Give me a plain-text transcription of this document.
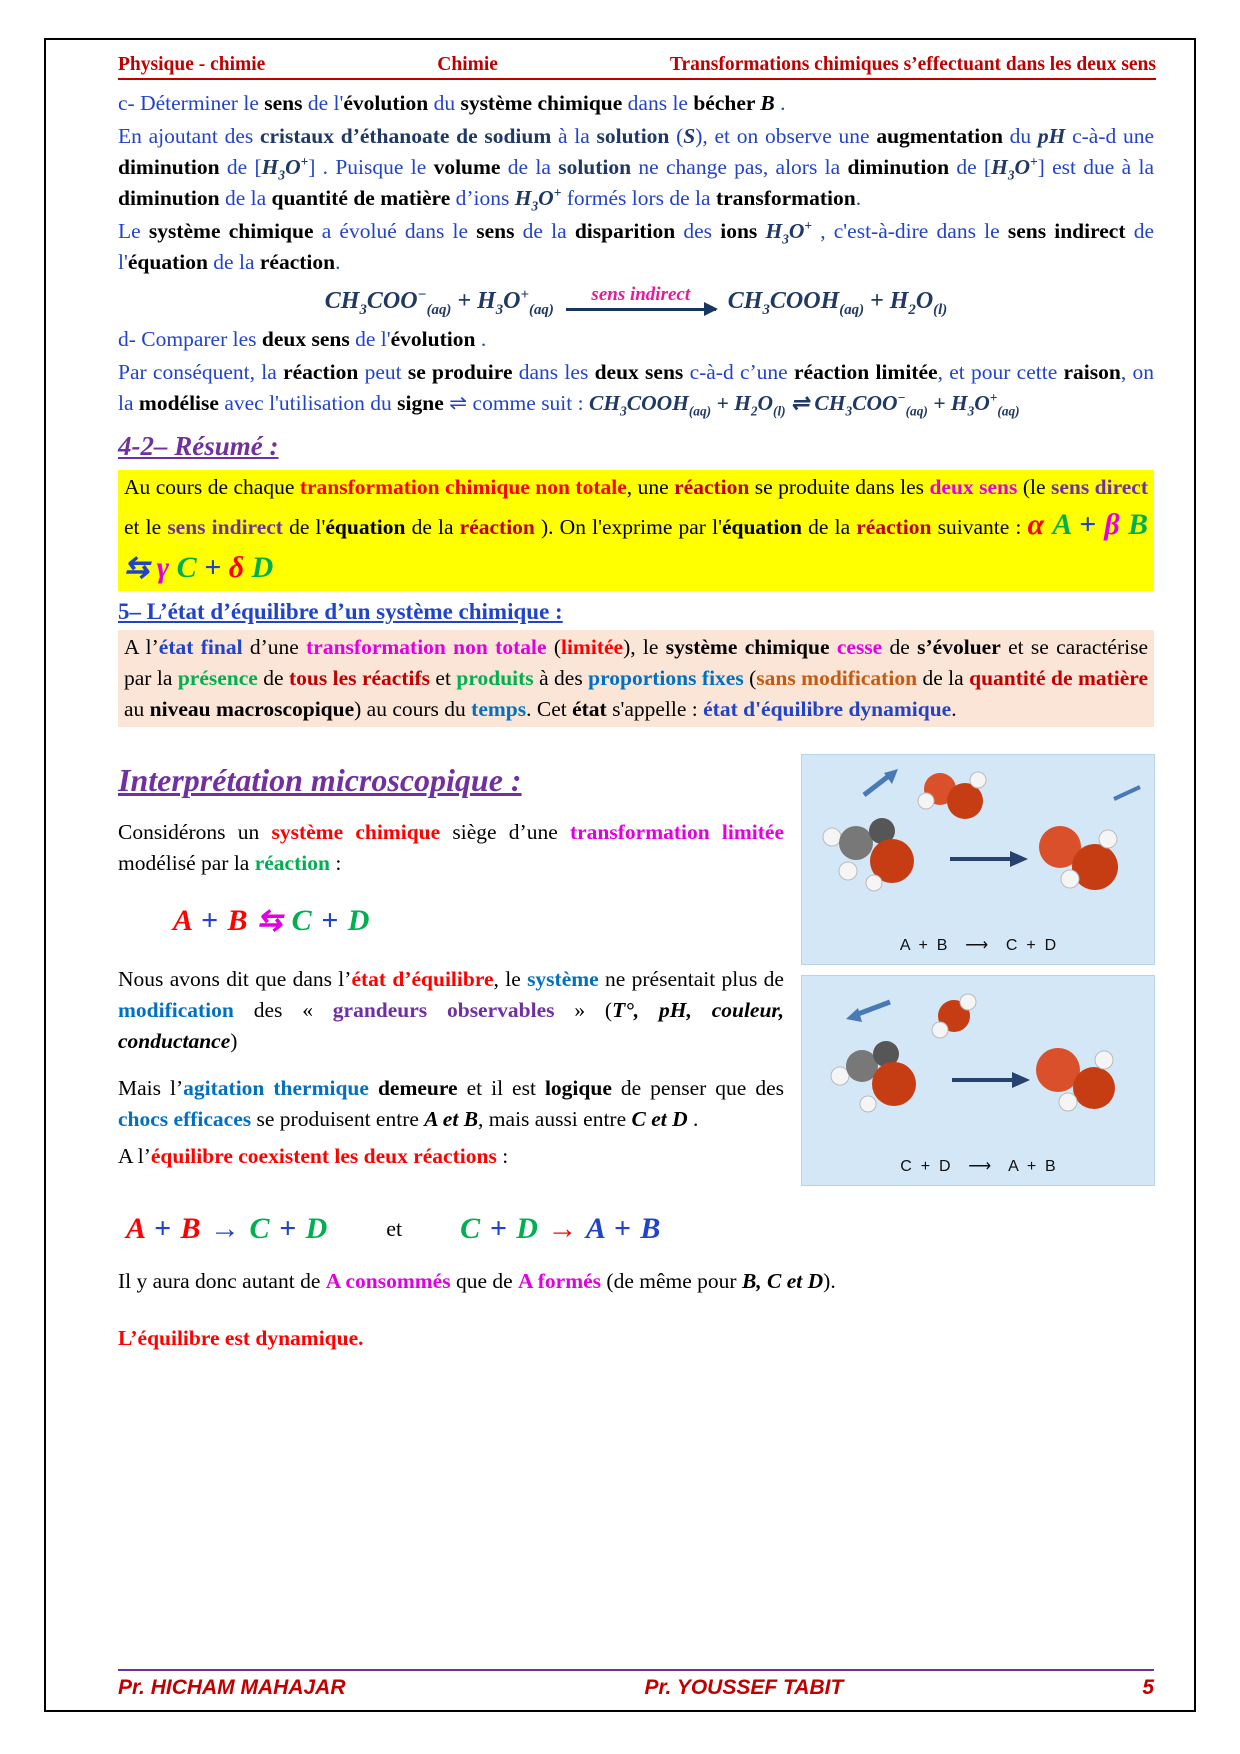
Physique - chimie	Chimie	Transformations chimiques s’effectuant dans les deux sens

c- Déterminer le sens de l'évolution du système chimique dans le bécher B .

En ajoutant des cristaux d’éthanoate de sodium à la solution (S), et on observe une augmentation du pH c-à-d une diminution de $[H_3O^+]$ . Puisque le volume de la solution ne change pas, alors la diminution de $[H_3O^+]$ est due à la diminution de la quantité de matière d’ions $H_3O^+$ formés lors de la transformation.

Le système chimique a évolué dans le sens de la disparition des ions $H_3O^+$ , c'est-à-dire dans le sens indirect de l'équation de la réaction.

$CH_3COO^-_{(aq)} + H_3O^+_{(aq)}$
sens indirect $CH_3COOH_{(aq)} + H_2O_{(l)}$

d- Comparer les deux sens de l'évolution .

Par conséquent, la réaction peut se produire dans les deux sens c-à-d c’une réaction limitée, et pour cette raison, on la modélise avec l'utilisation du signe ⇌ comme suit : $CH_3COOH_{(aq)} + H_2O_{(l)}$ ⇌ $CH_3COO^-_{(aq)} + H_3O^+_{(aq)}$

4-2– Résumé :
Au cours de chaque transformation chimique non totale, une réaction se produite dans les deux sens (le sens direct et le sens indirect de l'équation de la réaction ). On l'exprime par l'équation de la réaction suivante : α A + β B ⇆ γ C + δ D
5– L’état d’équilibre d’un système chimique :
A l’état final d’une transformation non totale (limitée), le système chimique cesse de s’évoluer et se caractérise par la présence de tous les réactifs et produits à des proportions fixes (sans modification de la quantité de matière au niveau macroscopique) au cours du temps. Cet état s'appelle : état d'équilibre dynamique.
Interprétation microscopique :

Considérons un système chimique siège d’une transformation limitée modélisé par la réaction :

A + B ⇆ C + D

Nous avons dit que dans l’état d’équilibre, le système ne présentait plus de modification des « grandeurs observables » (T°, pH, couleur, conductance)

Mais l’agitation thermique demeure et il est logique de penser que des chocs efficaces se produisent entre A et B, mais aussi entre C et D .

A l’équilibre coexistent les deux réactions :

A  +  B    ⟶    C  +  D
C  +  D    ⟶    A  +  B
A + B → C + D	et C + D → A + B

Il y aura donc autant de A consommés que de A formés (de même pour B, C et D).

L’équilibre est dynamique.

Pr. HICHAM MAHAJAR	Pr. YOUSSEF TABIT	5
